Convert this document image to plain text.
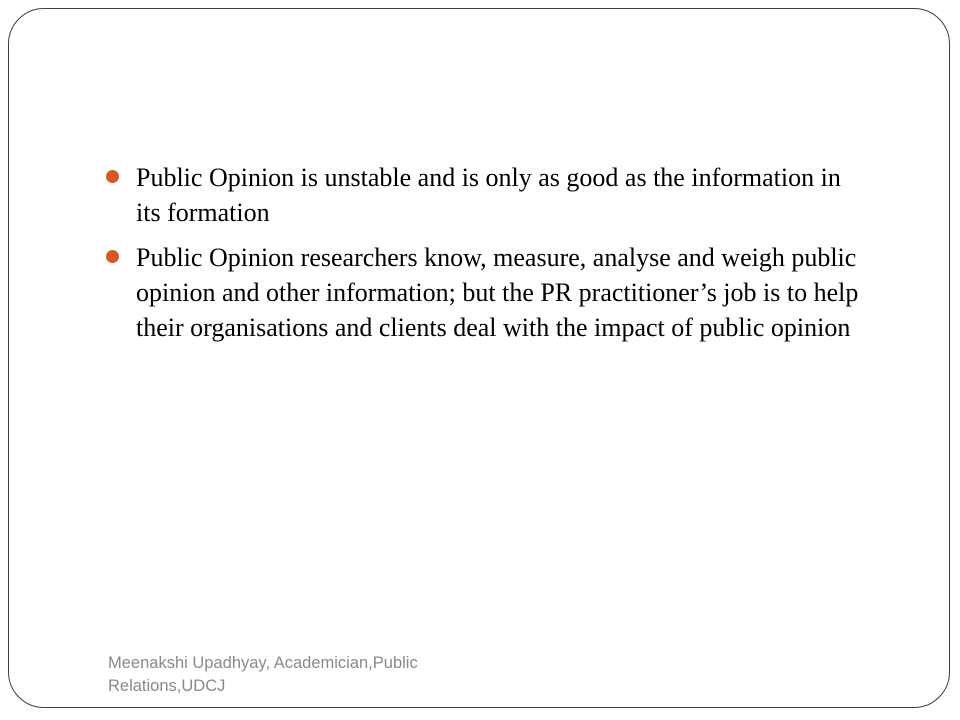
Public Opinion is unstable and is only as good as the information in its formation
Public Opinion researchers know, measure, analyse and weigh public opinion and other information; but the PR practitioner’s job is to help their organisations and clients deal with the impact of public opinion

Meenakshi Upadhyay, Academician,Public Relations,UDCJ
